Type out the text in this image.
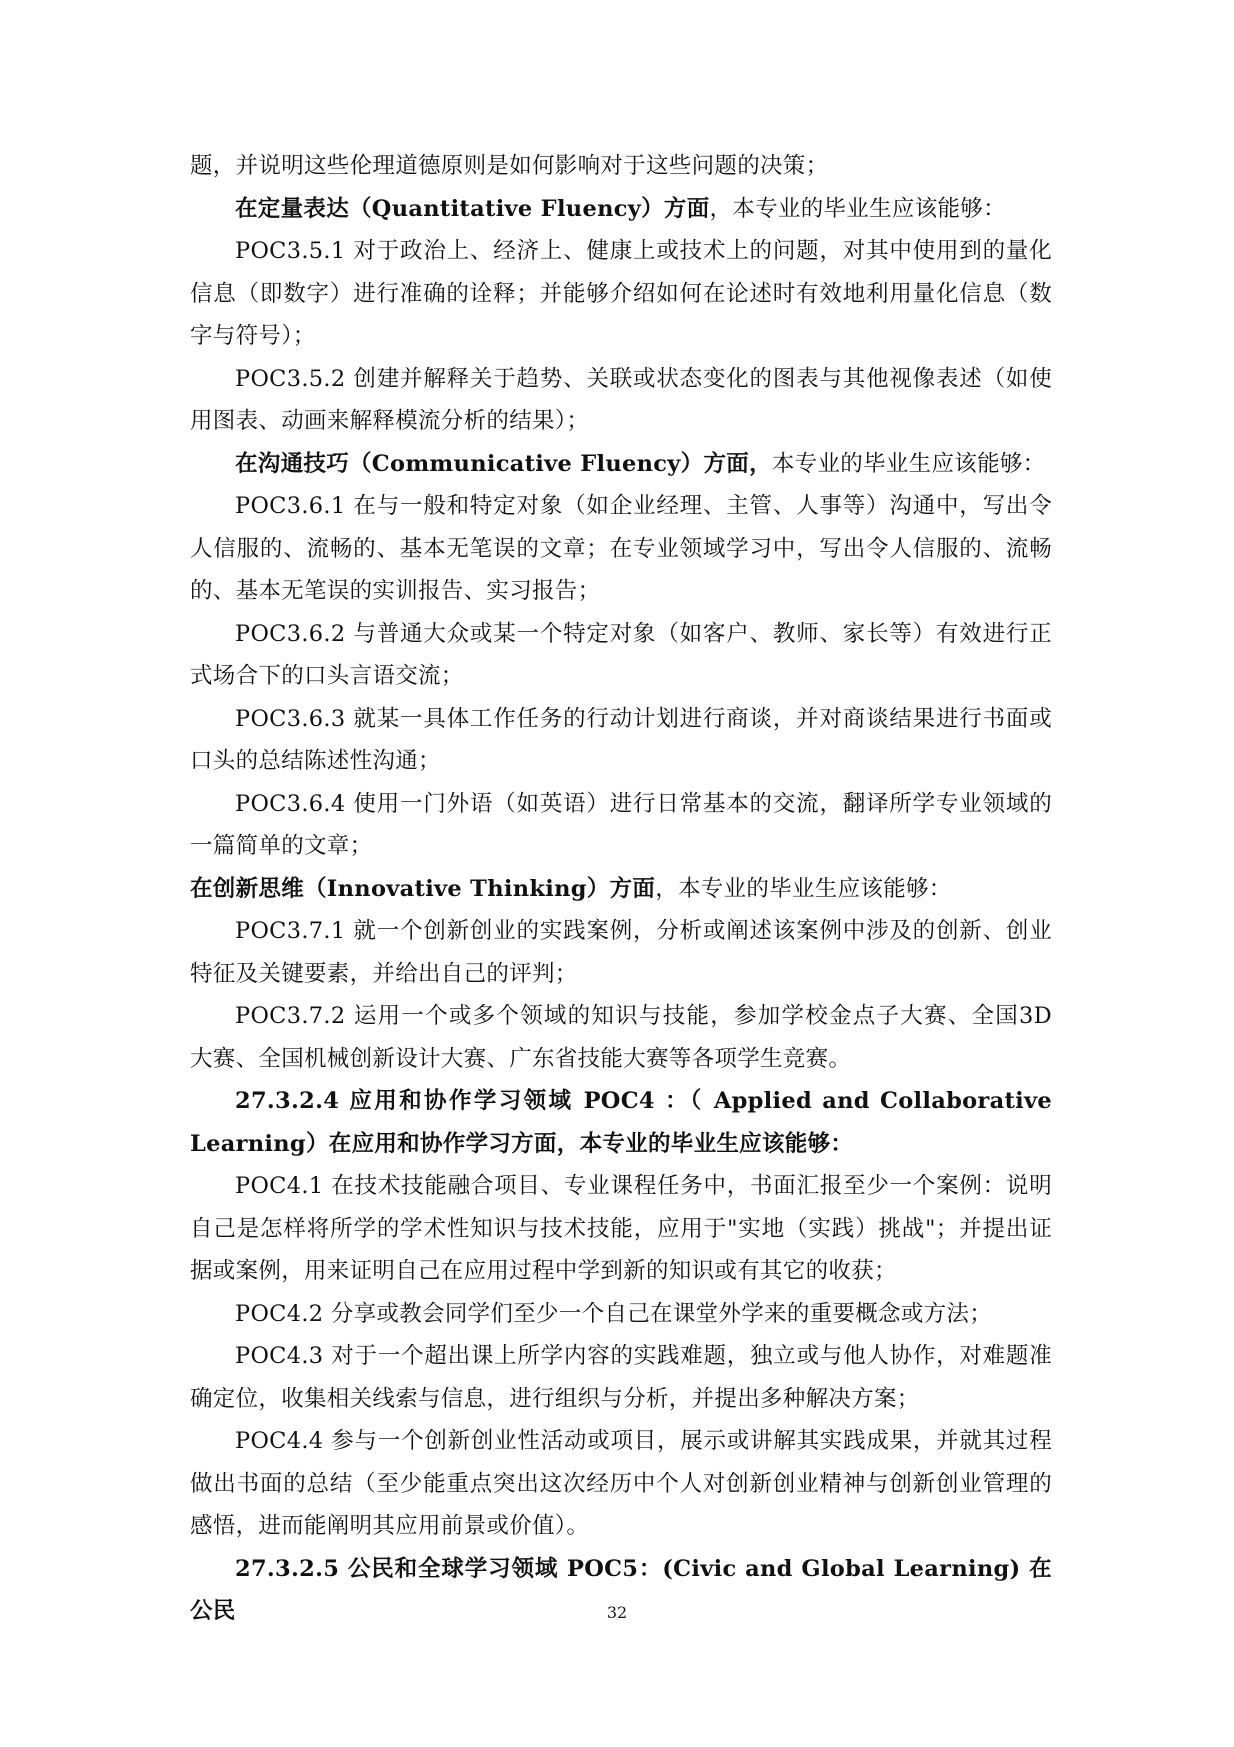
题，并说明这些伦理道德原则是如何影响对于这些问题的决策；

在定量表达（Quantitative Fluency）方面，本专业的毕业生应该能够：

POC3.5.1 对于政治上、经济上、健康上或技术上的问题，对其中使用到的量化信息（即数字）进行准确的诠释；并能够介绍如何在论述时有效地利用量化信息（数字与符号）；

POC3.5.2 创建并解释关于趋势、关联或状态变化的图表与其他视像表述（如使用图表、动画来解释模流分析的结果）；

在沟通技巧（Communicative Fluency）方面，本专业的毕业生应该能够：

POC3.6.1 在与一般和特定对象（如企业经理、主管、人事等）沟通中，写出令人信服的、流畅的、基本无笔误的文章；在专业领域学习中，写出令人信服的、流畅的、基本无笔误的实训报告、实习报告；

POC3.6.2 与普通大众或某一个特定对象（如客户、教师、家长等）有效进行正式场合下的口头言语交流；

POC3.6.3 就某一具体工作任务的行动计划进行商谈，并对商谈结果进行书面或口头的总结陈述性沟通；

POC3.6.4 使用一门外语（如英语）进行日常基本的交流，翻译所学专业领域的一篇简单的文章；

在创新思维（Innovative Thinking）方面，本专业的毕业生应该能够：

POC3.7.1 就一个创新创业的实践案例，分析或阐述该案例中涉及的创新、创业特征及关键要素，并给出自己的评判；

POC3.7.2 运用一个或多个领域的知识与技能，参加学校金点子大赛、全国3D 大赛、全国机械创新设计大赛、广东省技能大赛等各项学生竞赛。

27.3.2.4 应用和协作学习领域 POC4 ：（ Applied and Collaborative Learning）在应用和协作学习方面，本专业的毕业生应该能够：

POC4.1 在技术技能融合项目、专业课程任务中，书面汇报至少一个案例：说明自己是怎样将所学的学术性知识与技术技能，应用于"实地（实践）挑战"；并提出证据或案例，用来证明自己在应用过程中学到新的知识或有其它的收获；

POC4.2 分享或教会同学们至少一个自己在课堂外学来的重要概念或方法；

POC4.3 对于一个超出课上所学内容的实践难题，独立或与他人协作，对难题准确定位，收集相关线索与信息，进行组织与分析，并提出多种解决方案；

POC4.4 参与一个创新创业性活动或项目，展示或讲解其实践成果，并就其过程做出书面的总结（至少能重点突出这次经历中个人对创新创业精神与创新创业管理的感悟，进而能阐明其应用前景或价值）。

27.3.2.5 公民和全球学习领域 POC5：(Civic and Global Learning) 在公民	32
